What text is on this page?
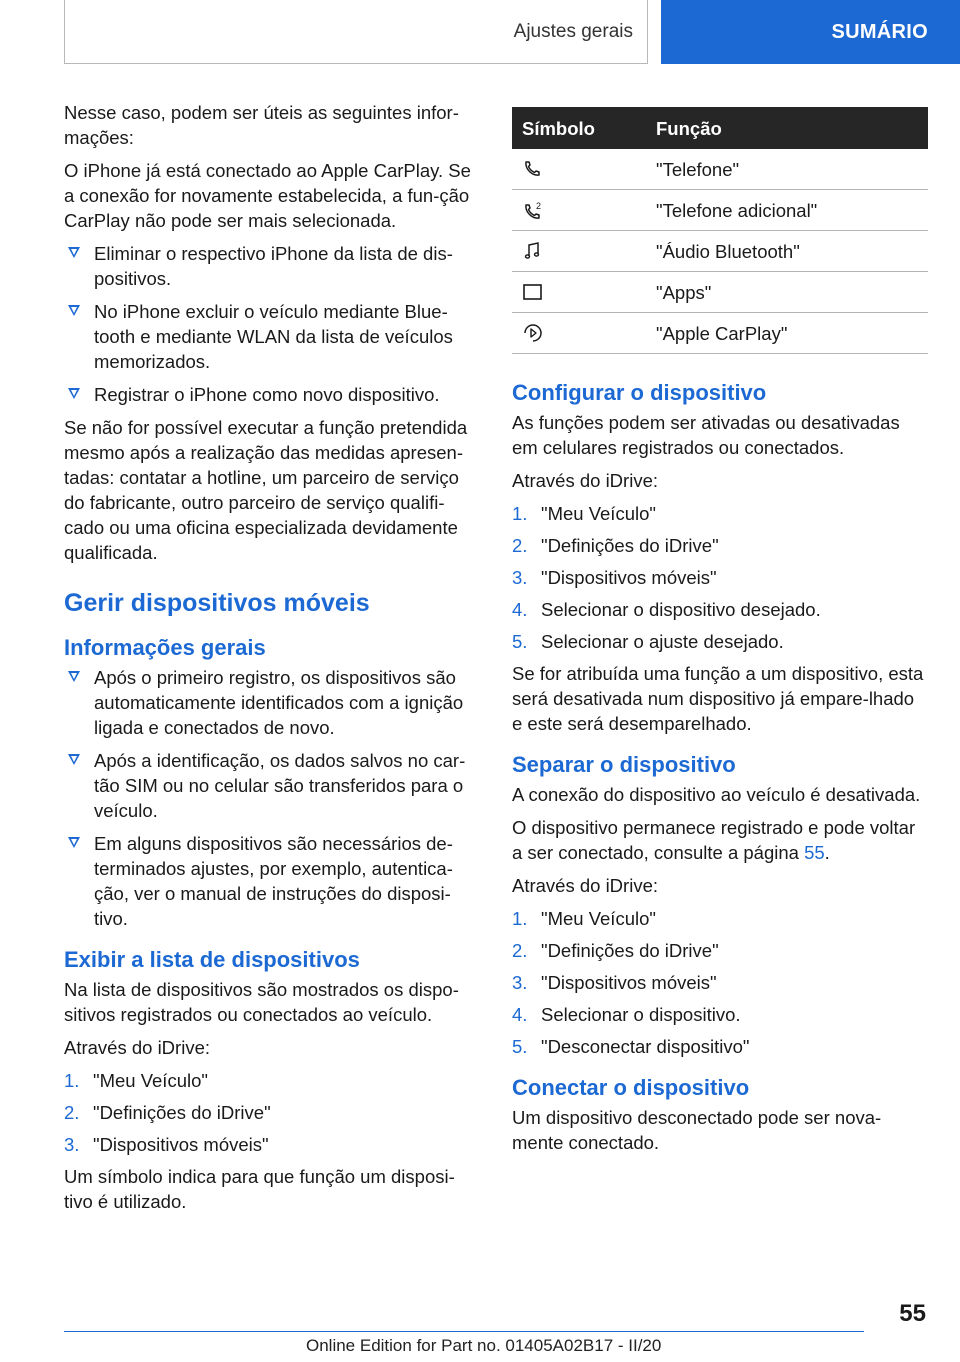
Ajustes gerais	SUMÁRIO

Nesse caso, podem ser úteis as seguintes infor-mações:

O iPhone já está conectado ao Apple CarPlay. Se a conexão for novamente estabelecida, a fun-ção CarPlay não pode ser mais selecionada.

Eliminar o respectivo iPhone da lista de dis-positivos.
No iPhone excluir o veículo mediante Blue-tooth e mediante WLAN da lista de veículos memorizados.
Registrar o iPhone como novo dispositivo.

Se não for possível executar a função pretendida mesmo após a realização das medidas apresen-tadas: contatar a hotline, um parceiro de serviço do fabricante, outro parceiro de serviço qualifi-cado ou uma oficina especializada devidamente qualificada.

Gerir dispositivos móveis
Informações gerais
Após o primeiro registro, os dispositivos são automaticamente identificados com a ignição ligada e conectados de novo.
Após a identificação, os dados salvos no car-tão SIM ou no celular são transferidos para o veículo.
Em alguns dispositivos são necessários de-terminados ajustes, por exemplo, autentica-ção, ver o manual de instruções do disposi-tivo.
Exibir a lista de dispositivos

Na lista de dispositivos são mostrados os dispo-sitivos registrados ou conectados ao veículo.

Através do iDrive:

1. "Meu Veículo"
2. "Definições do iDrive"
3. "Dispositivos móveis"

Um símbolo indica para que função um disposi-tivo é utilizado.

Símbolo	Função

	"Telefone"

2	"Telefone adicional"

	"Áudio Bluetooth"

	"Apps"

	"Apple CarPlay"
Configurar o dispositivo

As funções podem ser ativadas ou desativadas em celulares registrados ou conectados.

Através do iDrive:

1. "Meu Veículo"
2. "Definições do iDrive"
3. "Dispositivos móveis"
4. Selecionar o dispositivo desejado.
5. Selecionar o ajuste desejado.

Se for atribuída uma função a um dispositivo, esta será desativada num dispositivo já empare-lhado e este será desemparelhado.

Separar o dispositivo

A conexão do dispositivo ao veículo é desativada.

O dispositivo permanece registrado e pode voltar a ser conectado, consulte a página 55.

Através do iDrive:

1. "Meu Veículo"
2. "Definições do iDrive"
3. "Dispositivos móveis"
4. Selecionar o dispositivo.
5. "Desconectar dispositivo"
Conectar o dispositivo

Um dispositivo desconectado pode ser nova-mente conectado.

55
Online Edition for Part no. 01405A02B17 - II/20
